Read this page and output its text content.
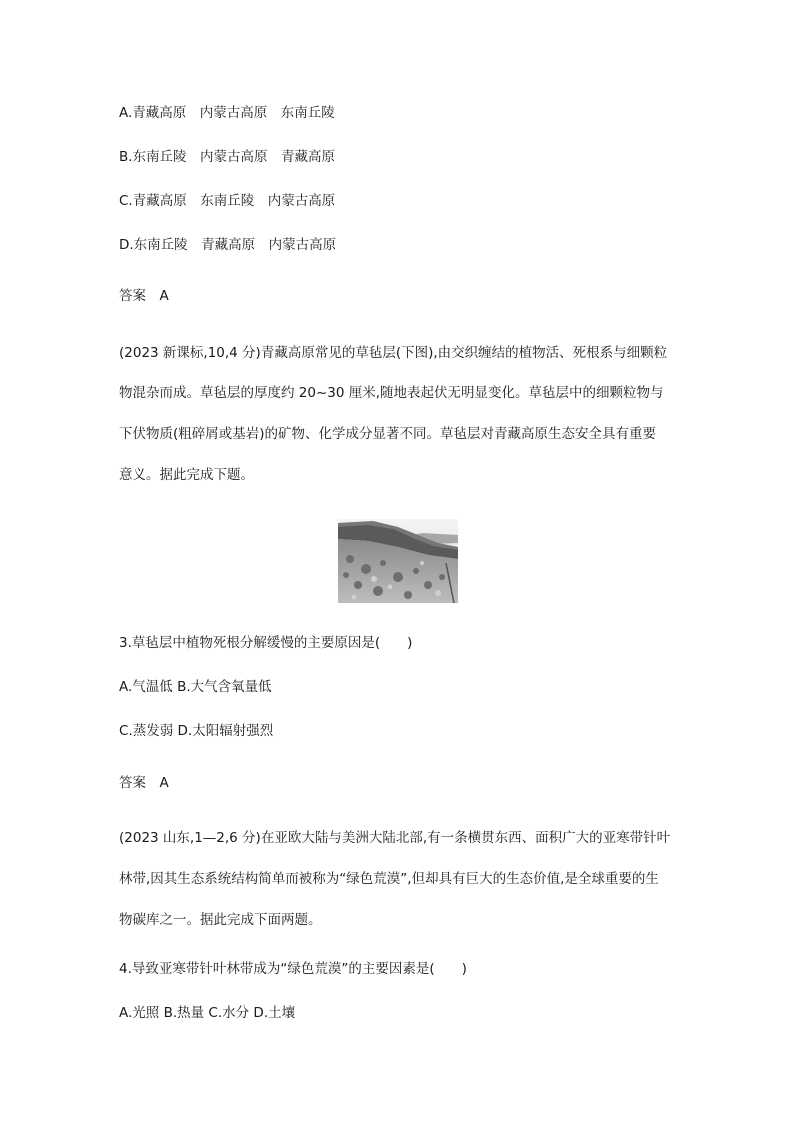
A.青藏高原　内蒙古高原　东南丘陵
B.东南丘陵　内蒙古高原　青藏高原
C.青藏高原　东南丘陵　内蒙古高原
D.东南丘陵　青藏高原　内蒙古高原
答案　A
(2023 新课标,10,4 分)青藏高原常见的草毡层(下图),由交织缠结的植物活、死根系与细颗粒
物混杂而成。草毡层的厚度约 20~30 厘米,随地表起伏无明显变化。草毡层中的细颗粒物与
下伏物质(粗碎屑或基岩)的矿物、化学成分显著不同。草毡层对青藏高原生态安全具有重要
意义。据此完成下题。
3.草毡层中植物死根分解缓慢的主要原因是(　　)
A.气温低 B.大气含氧量低
C.蒸发弱 D.太阳辐射强烈
答案　A
(2023 山东,1—2,6 分)在亚欧大陆与美洲大陆北部,有一条横贯东西、面积广大的亚寒带针叶
林带,因其生态系统结构简单而被称为“绿色荒漠”,但却具有巨大的生态价值,是全球重要的生
物碳库之一。据此完成下面两题。
4.导致亚寒带针叶林带成为“绿色荒漠”的主要因素是(　　)
A.光照 B.热量 C.水分 D.土壤
